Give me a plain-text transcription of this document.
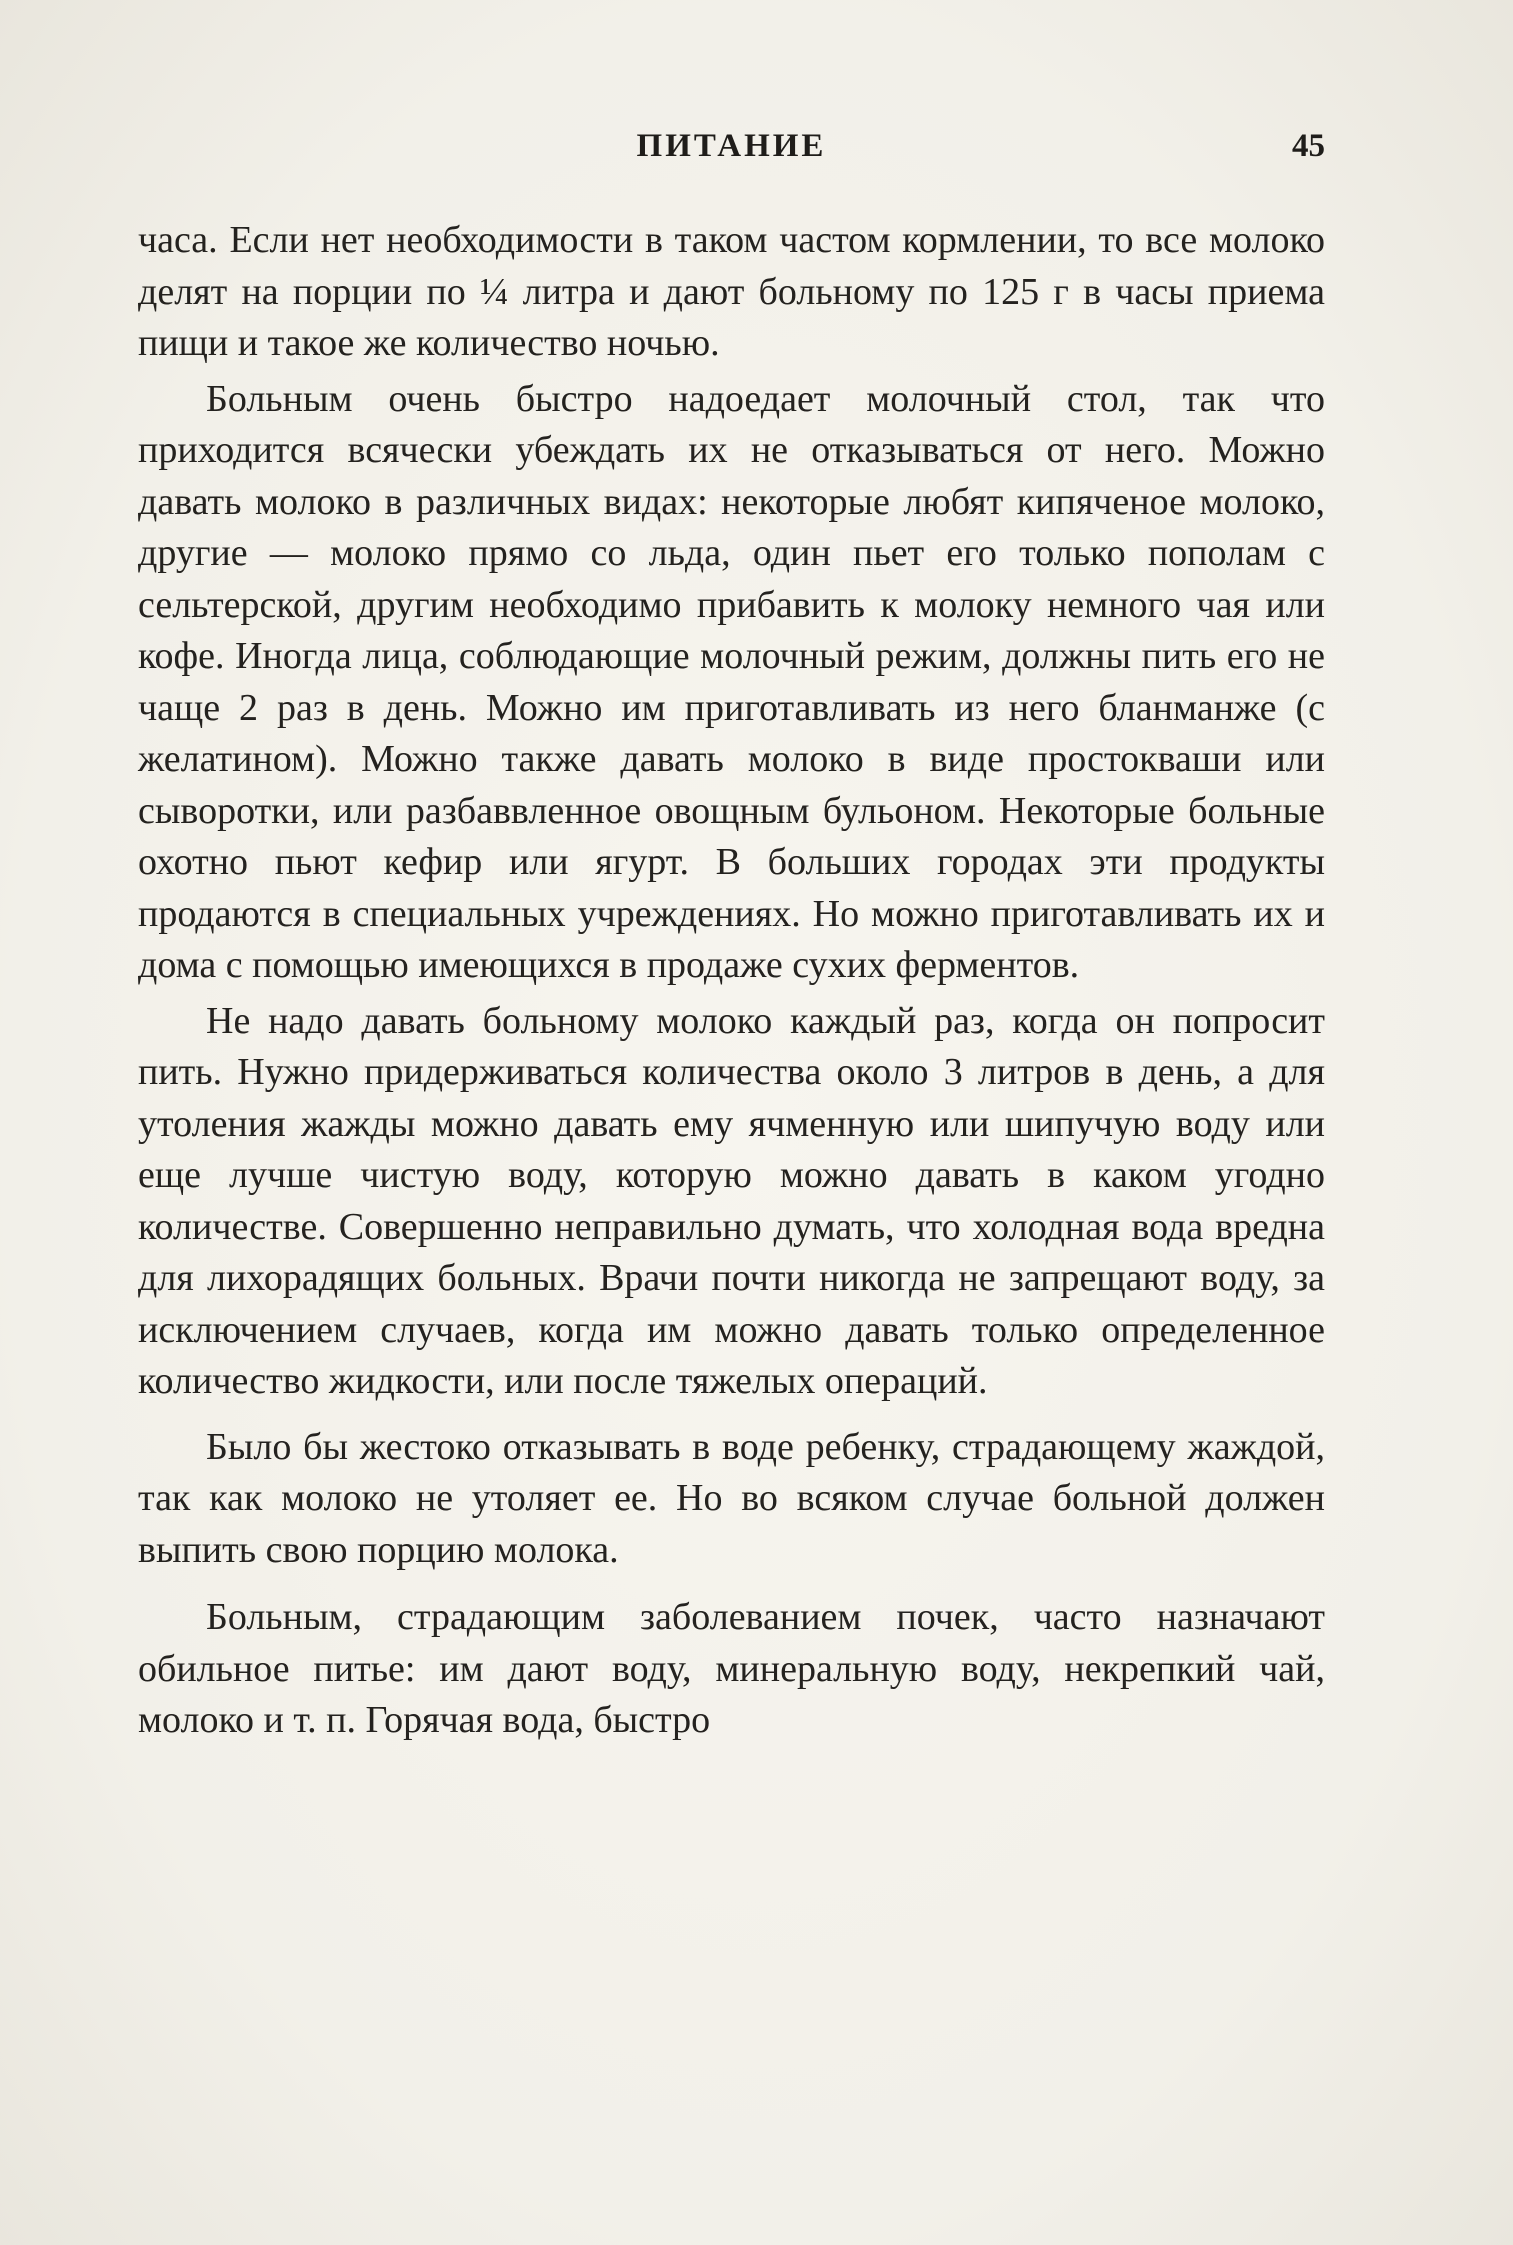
ПИТАНИЕ	45

часа. Если нет необходимости в таком частом кормлении, то все молоко делят на порции по ¼ литра и дают больному по 125 г в часы приема пищи и такое же количество ночью.

Больным очень быстро надоедает молочный стол, так что приходится всячески убеждать их не отказываться от него. Можно давать молоко в различных видах: некоторые любят кипяченое молоко, другие — молоко прямо со льда, один пьет его только пополам с сельтерской, другим необходимо прибавить к молоку немного чая или кофе. Иногда лица, соблюдающие молочный режим, должны пить его не чаще 2 раз в день. Можно им приготавливать из него бланманже (с желатином). Можно также давать молоко в виде простокваши или сыворотки, или разбаввленное овощным бульоном. Некоторые больные охотно пьют кефир или ягурт. В больших городах эти продукты продаются в специальных учреждениях. Но можно приготавливать их и дома с помощью имеющихся в продаже сухих ферментов.

Не надо давать больному молоко каждый раз, когда он попросит пить. Нужно придерживаться количества около 3 литров в день, а для утоления жажды можно давать ему ячменную или шипучую воду или еще лучше чистую воду, которую можно давать в каком угодно количестве. Совершенно неправильно думать, что холодная вода вредна для лихорадящих больных. Врачи почти никогда не запрещают воду, за исключением случаев, когда им можно давать только определенное количество жидкости, или после тяжелых операций.

Было бы жестоко отказывать в воде ребенку, страдающему жаждой, так как молоко не утоляет ее. Но во всяком случае больной должен выпить свою порцию молока.

Больным, страдающим заболеванием почек, часто назначают обильное питье: им дают воду, минеральную воду, некрепкий чай, молоко и т. п. Горячая вода, быстро
